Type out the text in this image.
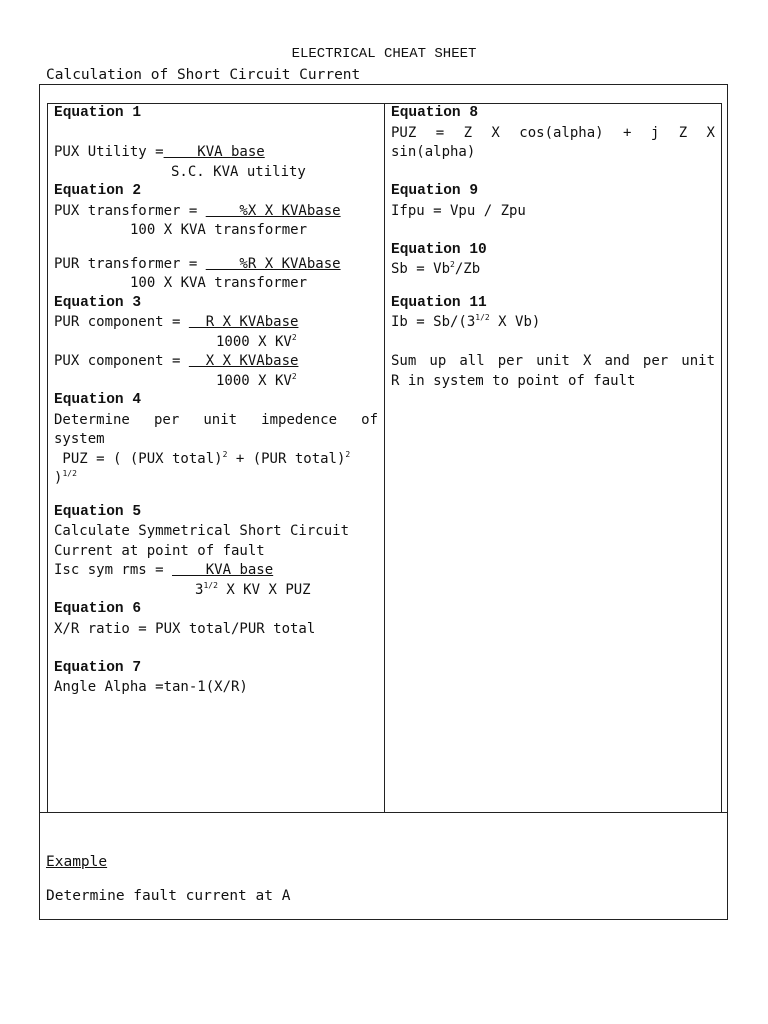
ELECTRICAL CHEAT SHEET
Calculation of Short Circuit Current
Equation 1
PUX Utility =    KVA base
S.C. KVA utility
Equation 2
PUX transformer =     %X X KVAbase
100 X KVA transformer
PUR transformer =     %R X KVAbase
100 X KVA transformer
Equation 3
PUR component =   R X KVAbase
1000 X $KV^2$
PUX component =   X X KVAbase
1000 X $KV^2$
Equation 4
Determine per unit impedence of
system
PUZ = ( (PUX total)$^2$ + (PUR total)$^2$
)$^{1/2}$
Equation 5
Calculate Symmetrical Short Circuit
Current at point of fault
Isc sym rms =     KVA base
$3^{1/2}$ X KV X PUZ
Equation 6
X/R ratio = PUX total/PUR total
Equation 7
Angle Alpha =tan-1(X/R)
Equation 8
PUZ = Z X cos(alpha) + j Z X
sin(alpha)
Equation 9
Ifpu = Vpu / Zpu
Equation 10
$Sb = Vb^2/Zb$
Equation 11
$Ib = Sb/(3^{1/2}$ X Vb)
Sum up all per unit X and per unit
R in system to point of fault
Example
Determine fault current at A
